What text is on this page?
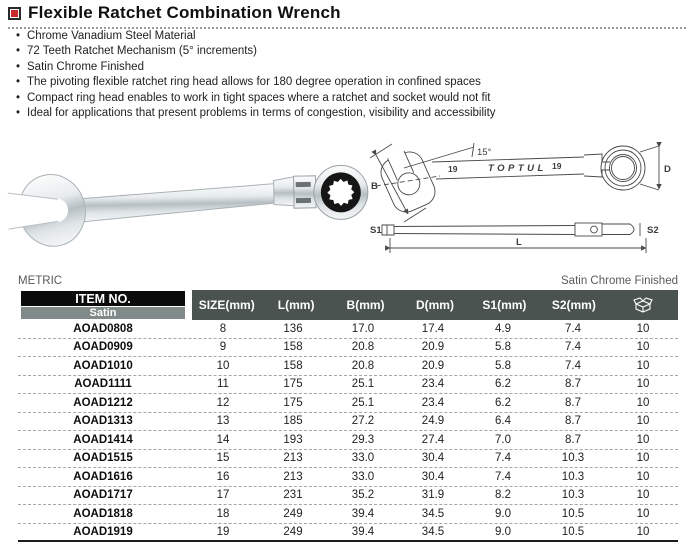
Flexible Ratchet Combination Wrench
• Chrome Vanadium Steel Material
• 72 Teeth Ratchet Mechanism (5° increments)
• Satin Chrome Finished
• The pivoting flexible ratchet ring head allows for 180 degree operation in confined spaces
• Compact ring head enables to work in tight spaces where a ratchet and socket would not fit
• Ideal for applications that present problems in terms of congestion, visibility and accessibility
B
15°
19	TOPTUL 19	D
S1	S2
L
METRIC	Satin Chrome Finished
ITEM NO.
Satin
SIZE(mm)	L(mm)	B(mm)	D(mm)	S1(mm)	S2(mm)
AOAD0808	8	136	17.0	17.4	4.9	7.4	10
AOAD0909	9	158	20.8	20.9	5.8	7.4	10
AOAD1010	10	158	20.8	20.9	5.8	7.4	10
AOAD1111	11	175	25.1	23.4	6.2	8.7	10
AOAD1212	12	175	25.1	23.4	6.2	8.7	10
AOAD1313	13	185	27.2	24.9	6.4	8.7	10
AOAD1414	14	193	29.3	27.4	7.0	8.7	10
AOAD1515	15	213	33.0	30.4	7.4	10.3	10
AOAD1616	16	213	33.0	30.4	7.4	10.3	10
AOAD1717	17	231	35.2	31.9	8.2	10.3	10
AOAD1818	18	249	39.4	34.5	9.0	10.5	10
AOAD1919	19	249	39.4	34.5	9.0	10.5	10
